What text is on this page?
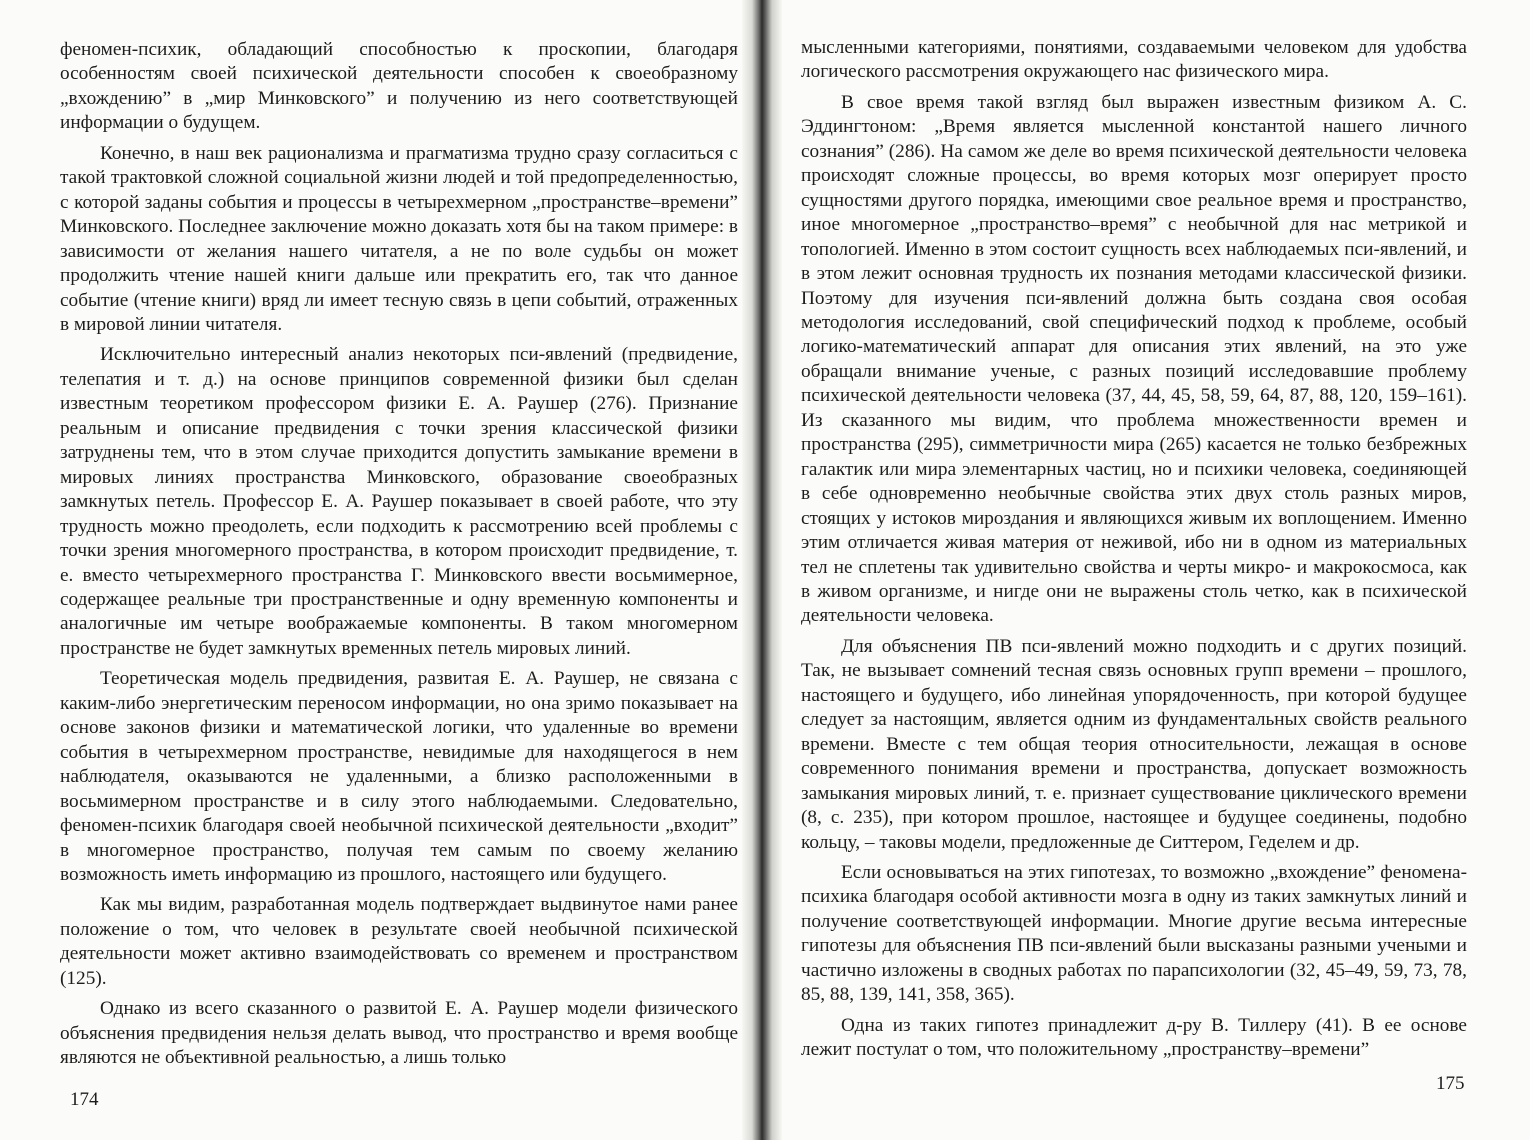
феномен-психик, обладающий способностью к проскопии, благодаря особенностям своей психической деятельности способен к своеобразному „вхождению” в „мир Минковского” и получению из него соответствующей информации о будущем.

Конечно, в наш век рационализма и прагматизма трудно сразу согласиться с такой трактовкой сложной социальной жизни людей и той предопределенностью, с которой заданы события и процессы в четырехмерном „пространстве–времени” Минковского. Последнее заключение можно доказать хотя бы на таком примере: в зависимости от желания нашего читателя, а не по воле судьбы он может продолжить чтение нашей книги дальше или прекратить его, так что данное событие (чтение книги) вряд ли имеет тесную связь в цепи событий, отраженных в мировой линии читателя.

Исключительно интересный анализ некоторых пси-явлений (предвидение, телепатия и т. д.) на основе принципов современной физики был сделан известным теоретиком профессором физики Е. А. Раушер (276). Признание реальным и описание предвидения с точки зрения классической физики затруднены тем, что в этом случае приходится допустить замыкание времени в мировых линиях пространства Минковского, образование своеобразных замкнутых петель. Профессор Е. А. Раушер показывает в своей работе, что эту трудность можно преодолеть, если подходить к рассмотрению всей проблемы с точки зрения многомерного пространства, в котором происходит предвидение, т. е. вместо четырехмерного пространства Г. Минковского ввести восьмимерное, содержащее реальные три пространственные и одну временную компоненты и аналогичные им четыре воображаемые компоненты. В таком многомерном пространстве не будет замкнутых временных петель мировых линий.

Теоретическая модель предвидения, развитая Е. А. Раушер, не связана с каким-либо энергетическим переносом информации, но она зримо показывает на основе законов физики и математической логики, что удаленные во времени события в четырехмерном пространстве, невидимые для находящегося в нем наблюдателя, оказываются не удаленными, а близко расположенными в восьмимерном пространстве и в силу этого наблюдаемыми. Следовательно, феномен-психик благодаря своей необычной психической деятельности „входит” в многомерное пространство, получая тем самым по своему желанию возможность иметь информацию из прошлого, настоящего или будущего.

Как мы видим, разработанная модель подтверждает выдвинутое нами ранее положение о том, что человек в результате своей необычной психической деятельности может активно взаимодействовать со временем и пространством (125).

Однако из всего сказанного о развитой Е. А. Раушер модели физического объяснения предвидения нельзя делать вывод, что пространство и время вообще являются не объективной реальностью, а лишь только

мысленными категориями, понятиями, создаваемыми человеком для удобства логического рассмотрения окружающего нас физического мира.

В свое время такой взгляд был выражен известным физиком А. С. Эддингтоном: „Время является мысленной константой нашего личного сознания” (286). На самом же деле во время психической деятельности человека происходят сложные процессы, во время которых мозг оперирует просто сущностями другого порядка, имеющими свое реальное время и пространство, иное многомерное „пространство–время” с необычной для нас метрикой и топологией. Именно в этом состоит сущность всех наблюдаемых пси-явлений, и в этом лежит основная трудность их познания методами классической физики. Поэтому для изучения пси-явлений должна быть создана своя особая методология исследований, свой специфический подход к проблеме, особый логико-математический аппарат для описания этих явлений, на это уже обращали внимание ученые, с разных позиций исследовавшие проблему психической деятельности человека (37, 44, 45, 58, 59, 64, 87, 88, 120, 159–161). Из сказанного мы видим, что проблема множественности времен и пространства (295), симметричности мира (265) касается не только безбрежных галактик или мира элементарных частиц, но и психики человека, соединяющей в себе одновременно необычные свойства этих двух столь разных миров, стоящих у истоков мироздания и являющихся живым их воплощением. Именно этим отличается живая материя от неживой, ибо ни в одном из материальных тел не сплетены так удивительно свойства и черты микро- и макрокосмоса, как в живом организме, и нигде они не выражены столь четко, как в психической деятельности человека.

Для объяснения ПВ пси-явлений можно подходить и с других позиций. Так, не вызывает сомнений тесная связь основных групп времени – прошлого, настоящего и будущего, ибо линейная упорядоченность, при которой будущее следует за настоящим, является одним из фундаментальных свойств реального времени. Вместе с тем общая теория относительности, лежащая в основе современного понимания времени и пространства, допускает возможность замыкания мировых линий, т. е. признает существование циклического времени (8, с. 235), при котором прошлое, настоящее и будущее соединены, подобно кольцу, – таковы модели, предложенные де Ситтером, Геделем и др.

Если основываться на этих гипотезах, то возможно „вхождение” феномена-психика благодаря особой активности мозга в одну из таких замкнутых линий и получение соответствующей информации. Многие другие весьма интересные гипотезы для объяснения ПВ пси-явлений были высказаны разными учеными и частично изложены в сводных работах по парапсихологии (32, 45–49, 59, 73, 78, 85, 88, 139, 141, 358, 365).

Одна из таких гипотез принадлежит д-ру В. Тиллеру (41). В ее основе лежит постулат о том, что положительному „пространству–времени”

174
175
